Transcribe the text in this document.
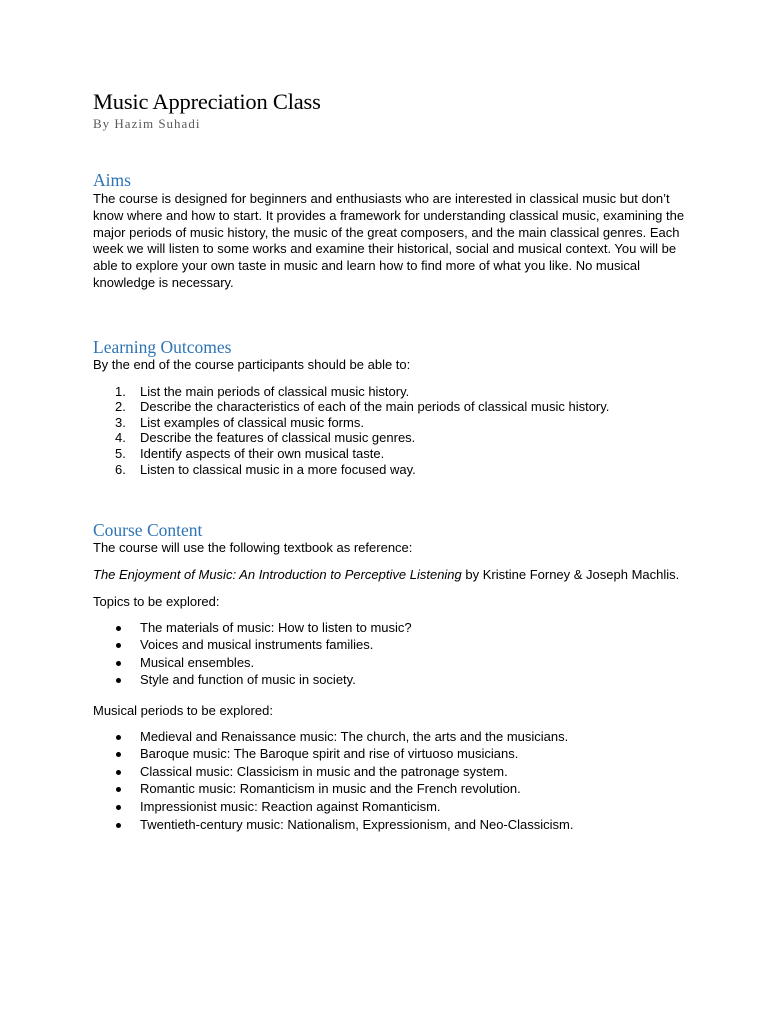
Music Appreciation Class
By Hazim Suhadi
Aims

The course is designed for beginners and enthusiasts who are interested in classical music but don’t know where and how to start. It provides a framework for understanding classical music, examining the major periods of music history, the music of the great composers, and the main classical genres. Each week we will listen to some works and examine their historical, social and musical context. You will be able to explore your own taste in music and learn how to find more of what you like. No musical knowledge is necessary.

Learning Outcomes

By the end of the course participants should be able to:

1.	List the main periods of classical music history.
2.	Describe the characteristics of each of the main periods of classical music history.
3.	List examples of classical music forms.
4.	Describe the features of classical music genres.
5.	Identify aspects of their own musical taste.
6.	Listen to classical music in a more focused way.
Course Content

The course will use the following textbook as reference:

The Enjoyment of Music: An Introduction to Perceptive Listening by Kristine Forney & Joseph Machlis.

Topics to be explored:

The materials of music: How to listen to music?
Voices and musical instruments families.
Musical ensembles.
Style and function of music in society.

Musical periods to be explored:

Medieval and Renaissance music: The church, the arts and the musicians.
Baroque music: The Baroque spirit and rise of virtuoso musicians.
Classical music: Classicism in music and the patronage system.
Romantic music: Romanticism in music and the French revolution.
Impressionist music: Reaction against Romanticism.
Twentieth-century music: Nationalism, Expressionism, and Neo-Classicism.
